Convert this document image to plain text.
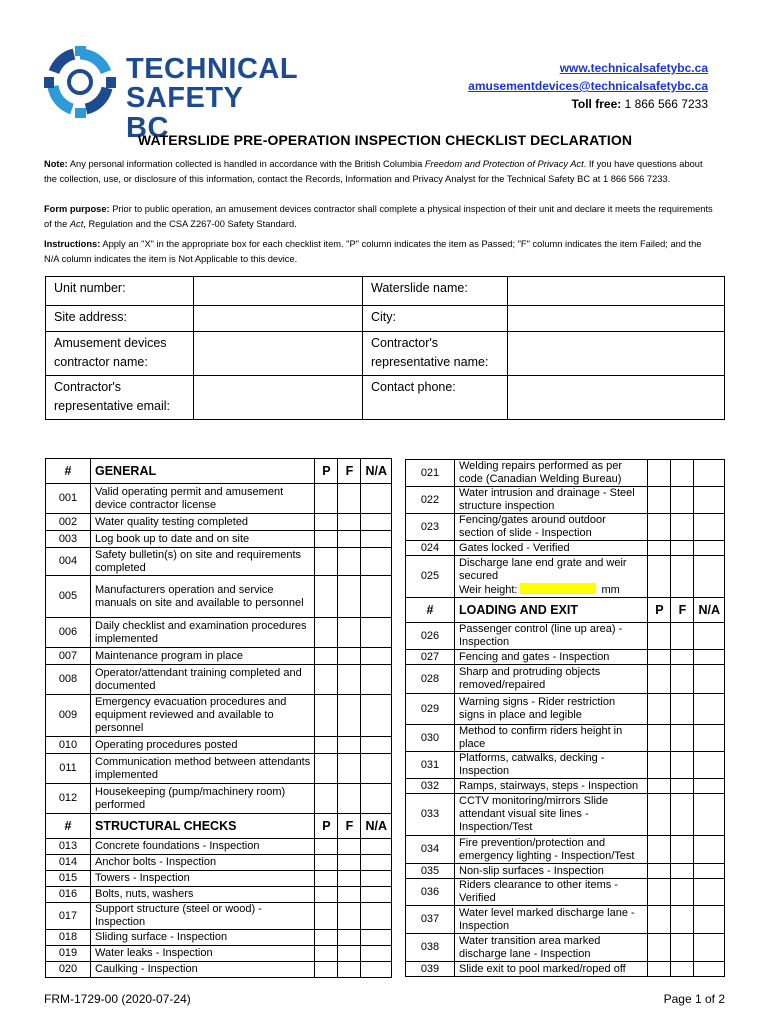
TECHNICAL
SAFETY BC
www.technicalsafetybc.ca
amusementdevices@technicalsafetybc.ca
Toll free: 1 866 566 7233
WATERSLIDE PRE-OPERATION INSPECTION CHECKLIST DECLARATION
Note: Any personal information collected is handled in accordance with the British Columbia Freedom and Protection of Privacy Act. If you have questions about the collection, use, or disclosure of this information, contact the Records, Information and Privacy Analyst for the Technical Safety BC at 1 866 566 7233.
Form purpose: Prior to public operation, an amusement devices contractor shall complete a physical inspection of their unit and declare it meets the requirements of the Act, Regulation and the CSA Z267-00 Safety Standard.
Instructions: Apply an "X" in the appropriate box for each checklist item. "P" column indicates the item as Passed; "F" column indicates the item Failed; and the N/A column indicates the item is Not Applicable to this device.
Unit number:		Waterslide name:	
Site address:		City:	
Amusement devices
contractor name:		Contractor's
representative name:	
Contractor's
representative email:		Contact phone:	
#	GENERAL	P	F	N/A
001	Valid operating permit and amusement device contractor license			
002	Water quality testing completed			
003	Log book up to date and on site			
004	Safety bulletin(s) on site and requirements completed			
005	Manufacturers operation and service manuals on site and available to personnel			
006	Daily checklist and examination procedures implemented			
007	Maintenance program in place			
008	Operator/attendant training completed and documented			
009	Emergency evacuation procedures and equipment reviewed and available to personnel			
010	Operating procedures posted			
011	Communication method between attendants implemented			
012	Housekeeping (pump/machinery room) performed			
#	STRUCTURAL CHECKS	P	F	N/A
013	Concrete foundations - Inspection			
014	Anchor bolts - Inspection			
015	Towers - Inspection			
016	Bolts, nuts, washers			
017	Support structure (steel or wood) - Inspection			
018	Sliding surface - Inspection			
019	Water leaks - Inspection			
020	Caulking - Inspection			
021	Welding repairs performed as per code (Canadian Welding Bureau)			
022	Water intrusion and drainage - Steel structure inspection			
023	Fencing/gates around outdoor section of slide - Inspection			
024	Gates locked - Verified			
025	Discharge lane end grate and weir secured
Weir height: mm			
#	LOADING AND EXIT	P	F	N/A
026	Passenger control (line up area) - Inspection			
027	Fencing and gates - Inspection			
028	Sharp and protruding objects removed/repaired			
029	Warning signs - Rider restriction signs in place and legible			
030	Method to confirm riders height in place			
031	Platforms, catwalks, decking - Inspection			
032	Ramps, stairways, steps - Inspection			
033	CCTV monitoring/mirrors Slide attendant visual site lines - Inspection/Test			
034	Fire prevention/protection and emergency lighting - Inspection/Test			
035	Non-slip surfaces - Inspection			
036	Riders clearance to other items - Verified			
037	Water level marked discharge lane - Inspection			
038	Water transition area marked discharge lane - Inspection			
039	Slide exit to pool marked/roped off			
FRM-1729-00 (2020-07-24)	Page 1 of 2
